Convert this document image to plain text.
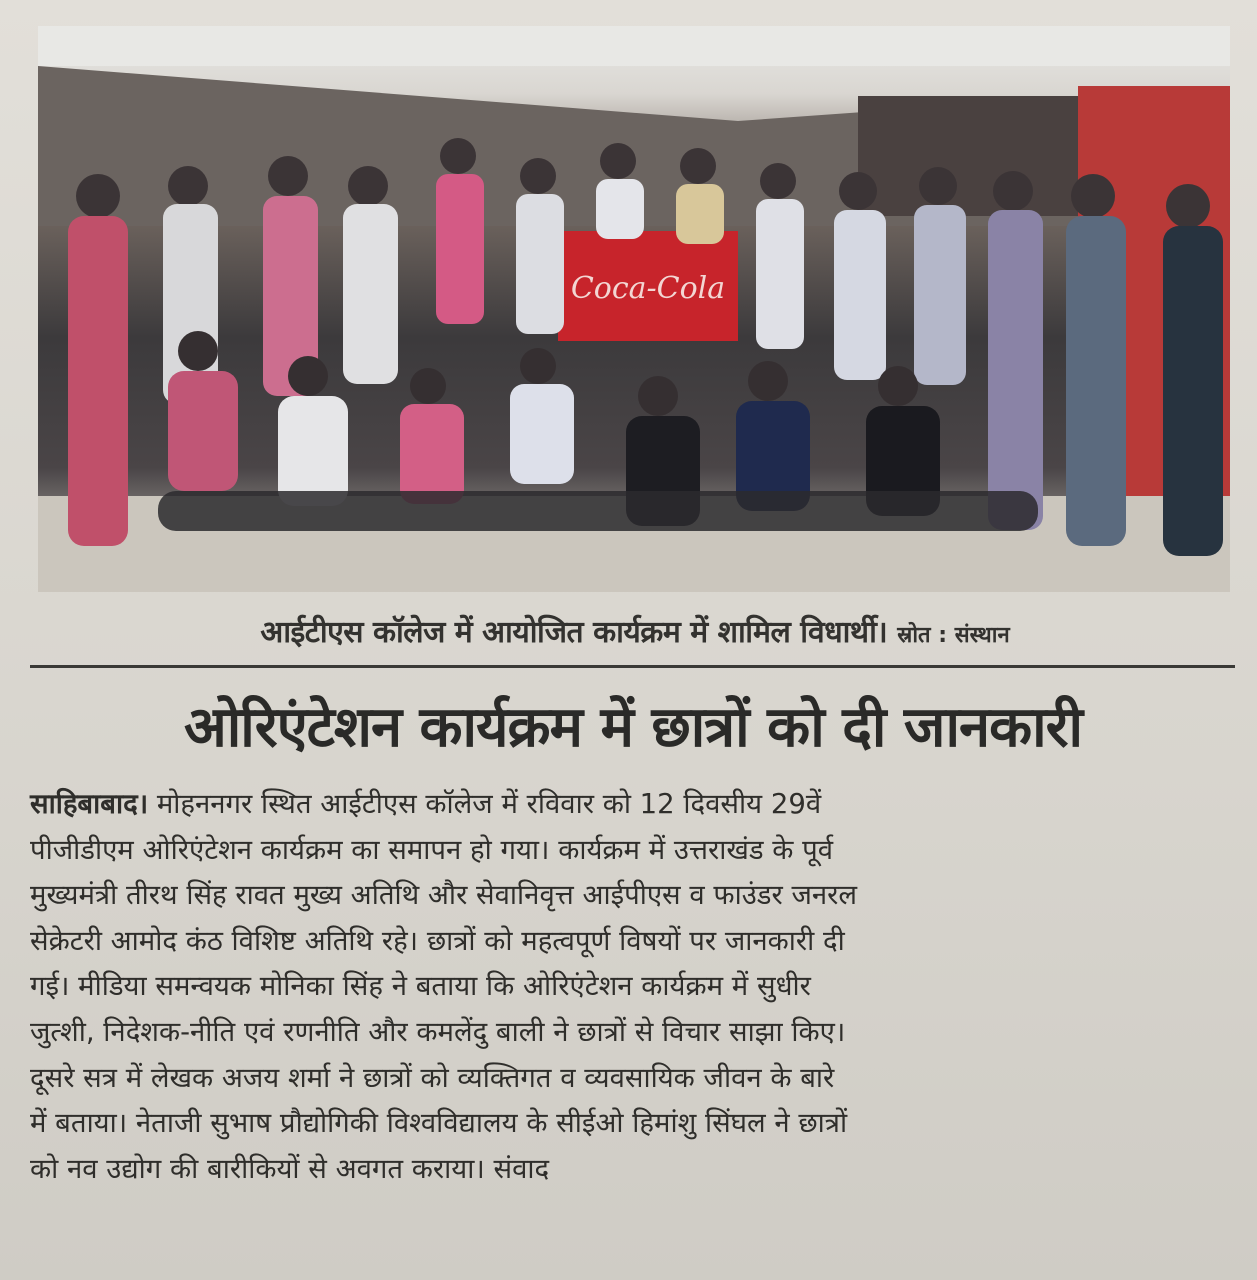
Coca-Cola
आईटीएस कॉलेज में आयोजित कार्यक्रम में शामिल विधार्थी। स्रोत : संस्थान
ओरिएंटेशन कार्यक्रम में छात्रों को दी जानकारी
साहिबाबाद। मोहननगर स्थित आईटीएस कॉलेज में रविवार को 12 दिवसीय 29वें
पीजीडीएम ओरिएंटेशन कार्यक्रम का समापन हो गया। कार्यक्रम में उत्तराखंड के पूर्व
मुख्यमंत्री तीरथ सिंह रावत मुख्य अतिथि और सेवानिवृत्त आईपीएस व फाउंडर जनरल
सेक्रेटरी आमोद कंठ विशिष्ट अतिथि रहे। छात्रों को महत्वपूर्ण विषयों पर जानकारी दी
गई। मीडिया समन्वयक मोनिका सिंह ने बताया कि ओरिएंटेशन कार्यक्रम में सुधीर
जुत्शी, निदेशक-नीति एवं रणनीति और कमलेंदु बाली ने छात्रों से विचार साझा किए।
दूसरे सत्र में लेखक अजय शर्मा ने छात्रों को व्यक्तिगत व व्यवसायिक जीवन के बारे
में बताया। नेताजी सुभाष प्रौद्योगिकी विश्वविद्यालय के सीईओ हिमांशु सिंघल ने छात्रों
को नव उद्योग की बारीकियों से अवगत कराया। संवाद
